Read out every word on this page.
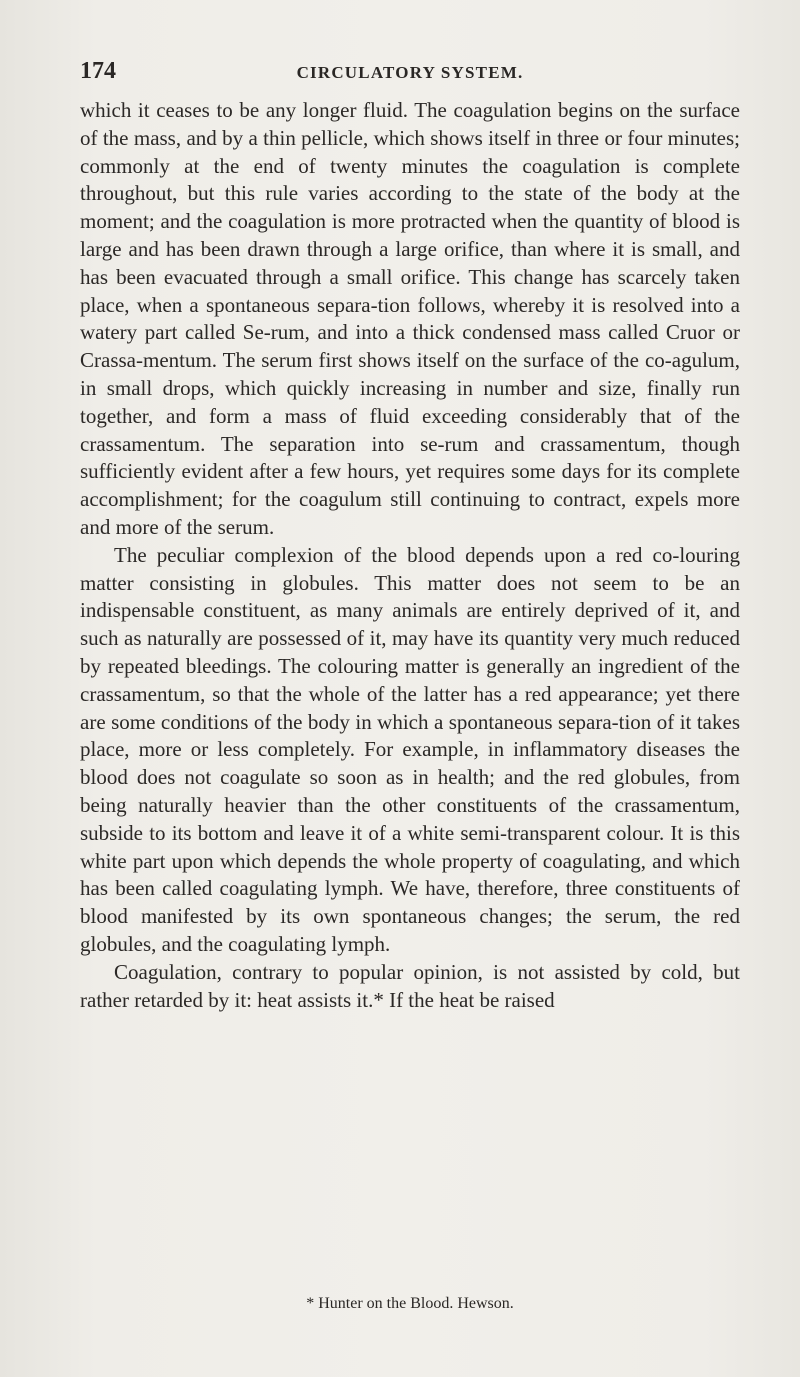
174	CIRCULATORY SYSTEM.

which it ceases to be any longer fluid. The coagulation begins on the surface of the mass, and by a thin pellicle, which shows itself in three or four minutes; commonly at the end of twenty minutes the coagulation is complete throughout, but this rule varies according to the state of the body at the moment; and the coagulation is more protracted when the quantity of blood is large and has been drawn through a large orifice, than where it is small, and has been evacuated through a small orifice. This change has scarcely taken place, when a spontaneous separa-tion follows, whereby it is resolved into a watery part called Se-rum, and into a thick condensed mass called Cruor or Crassa-mentum. The serum first shows itself on the surface of the co-agulum, in small drops, which quickly increasing in number and size, finally run together, and form a mass of fluid exceeding considerably that of the crassamentum. The separation into se-rum and crassamentum, though sufficiently evident after a few hours, yet requires some days for its complete accomplishment; for the coagulum still continuing to contract, expels more and more of the serum.

The peculiar complexion of the blood depends upon a red co-louring matter consisting in globules. This matter does not seem to be an indispensable constituent, as many animals are entirely deprived of it, and such as naturally are possessed of it, may have its quantity very much reduced by repeated bleedings. The colouring matter is generally an ingredient of the crassamentum, so that the whole of the latter has a red appearance; yet there are some conditions of the body in which a spontaneous separa-tion of it takes place, more or less completely. For example, in inflammatory diseases the blood does not coagulate so soon as in health; and the red globules, from being naturally heavier than the other constituents of the crassamentum, subside to its bottom and leave it of a white semi-transparent colour. It is this white part upon which depends the whole property of coagulating, and which has been called coagulating lymph. We have, therefore, three constituents of blood manifested by its own spontaneous changes; the serum, the red globules, and the coagulating lymph.

Coagulation, contrary to popular opinion, is not assisted by cold, but rather retarded by it: heat assists it.* If the heat be raised

* Hunter on the Blood. Hewson.
